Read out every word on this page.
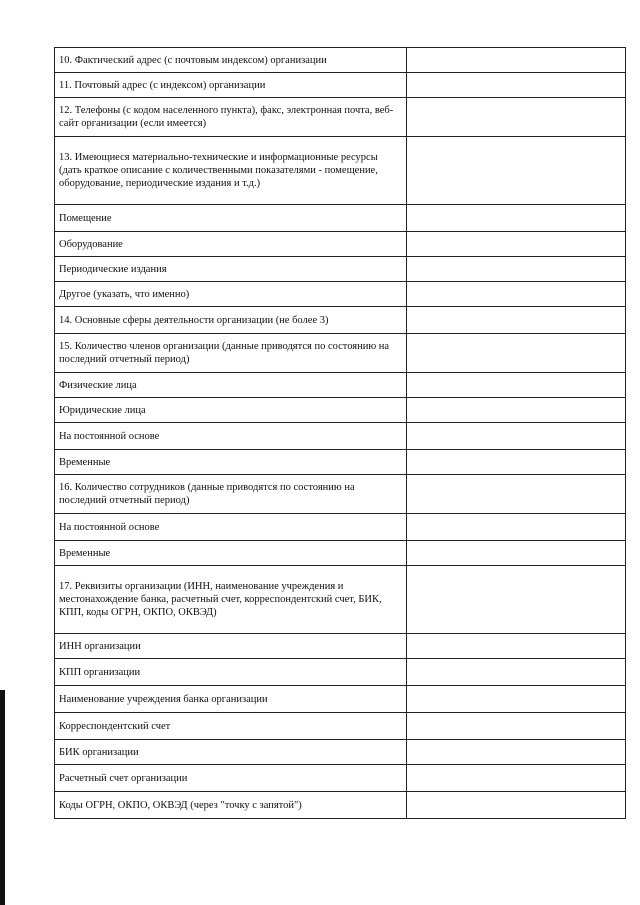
10. Фактический адрес (с почтовым индексом) организации	
11. Почтовый адрес (с индексом) организации	
12. Телефоны (с кодом населенного пункта), факс, электронная почта, веб-сайт организации (если имеется)	
13. Имеющиеся материально-технические и информационные ресурсы (дать краткое описание с количественными показателями - помещение, оборудование, периодические издания и т.д.)	
Помещение	
Оборудование	
Периодические издания	
Другое (указать, что именно)	
14. Основные сферы деятельности организации (не более 3)	
15. Количество членов организации (данные приводятся по состоянию на последний отчетный период)	
Физические лица	
Юридические лица	
На постоянной основе	
Временные	
16. Количество сотрудников (данные приводятся по состоянию на последний отчетный период)	
На постоянной основе	
Временные	
17. Реквизиты организации (ИНН, наименование учреждения и местонахождение банка, расчетный счет, корреспондентский счет, БИК, КПП, коды ОГРН, ОКПО, ОКВЭД)	
ИНН организации	
КПП организации	
Наименование учреждения банка организации	
Корреспондентский счет	
БИК организации	
Расчетный счет организации	
Коды ОГРН, ОКПО, ОКВЭД (через "точку с запятой")	
